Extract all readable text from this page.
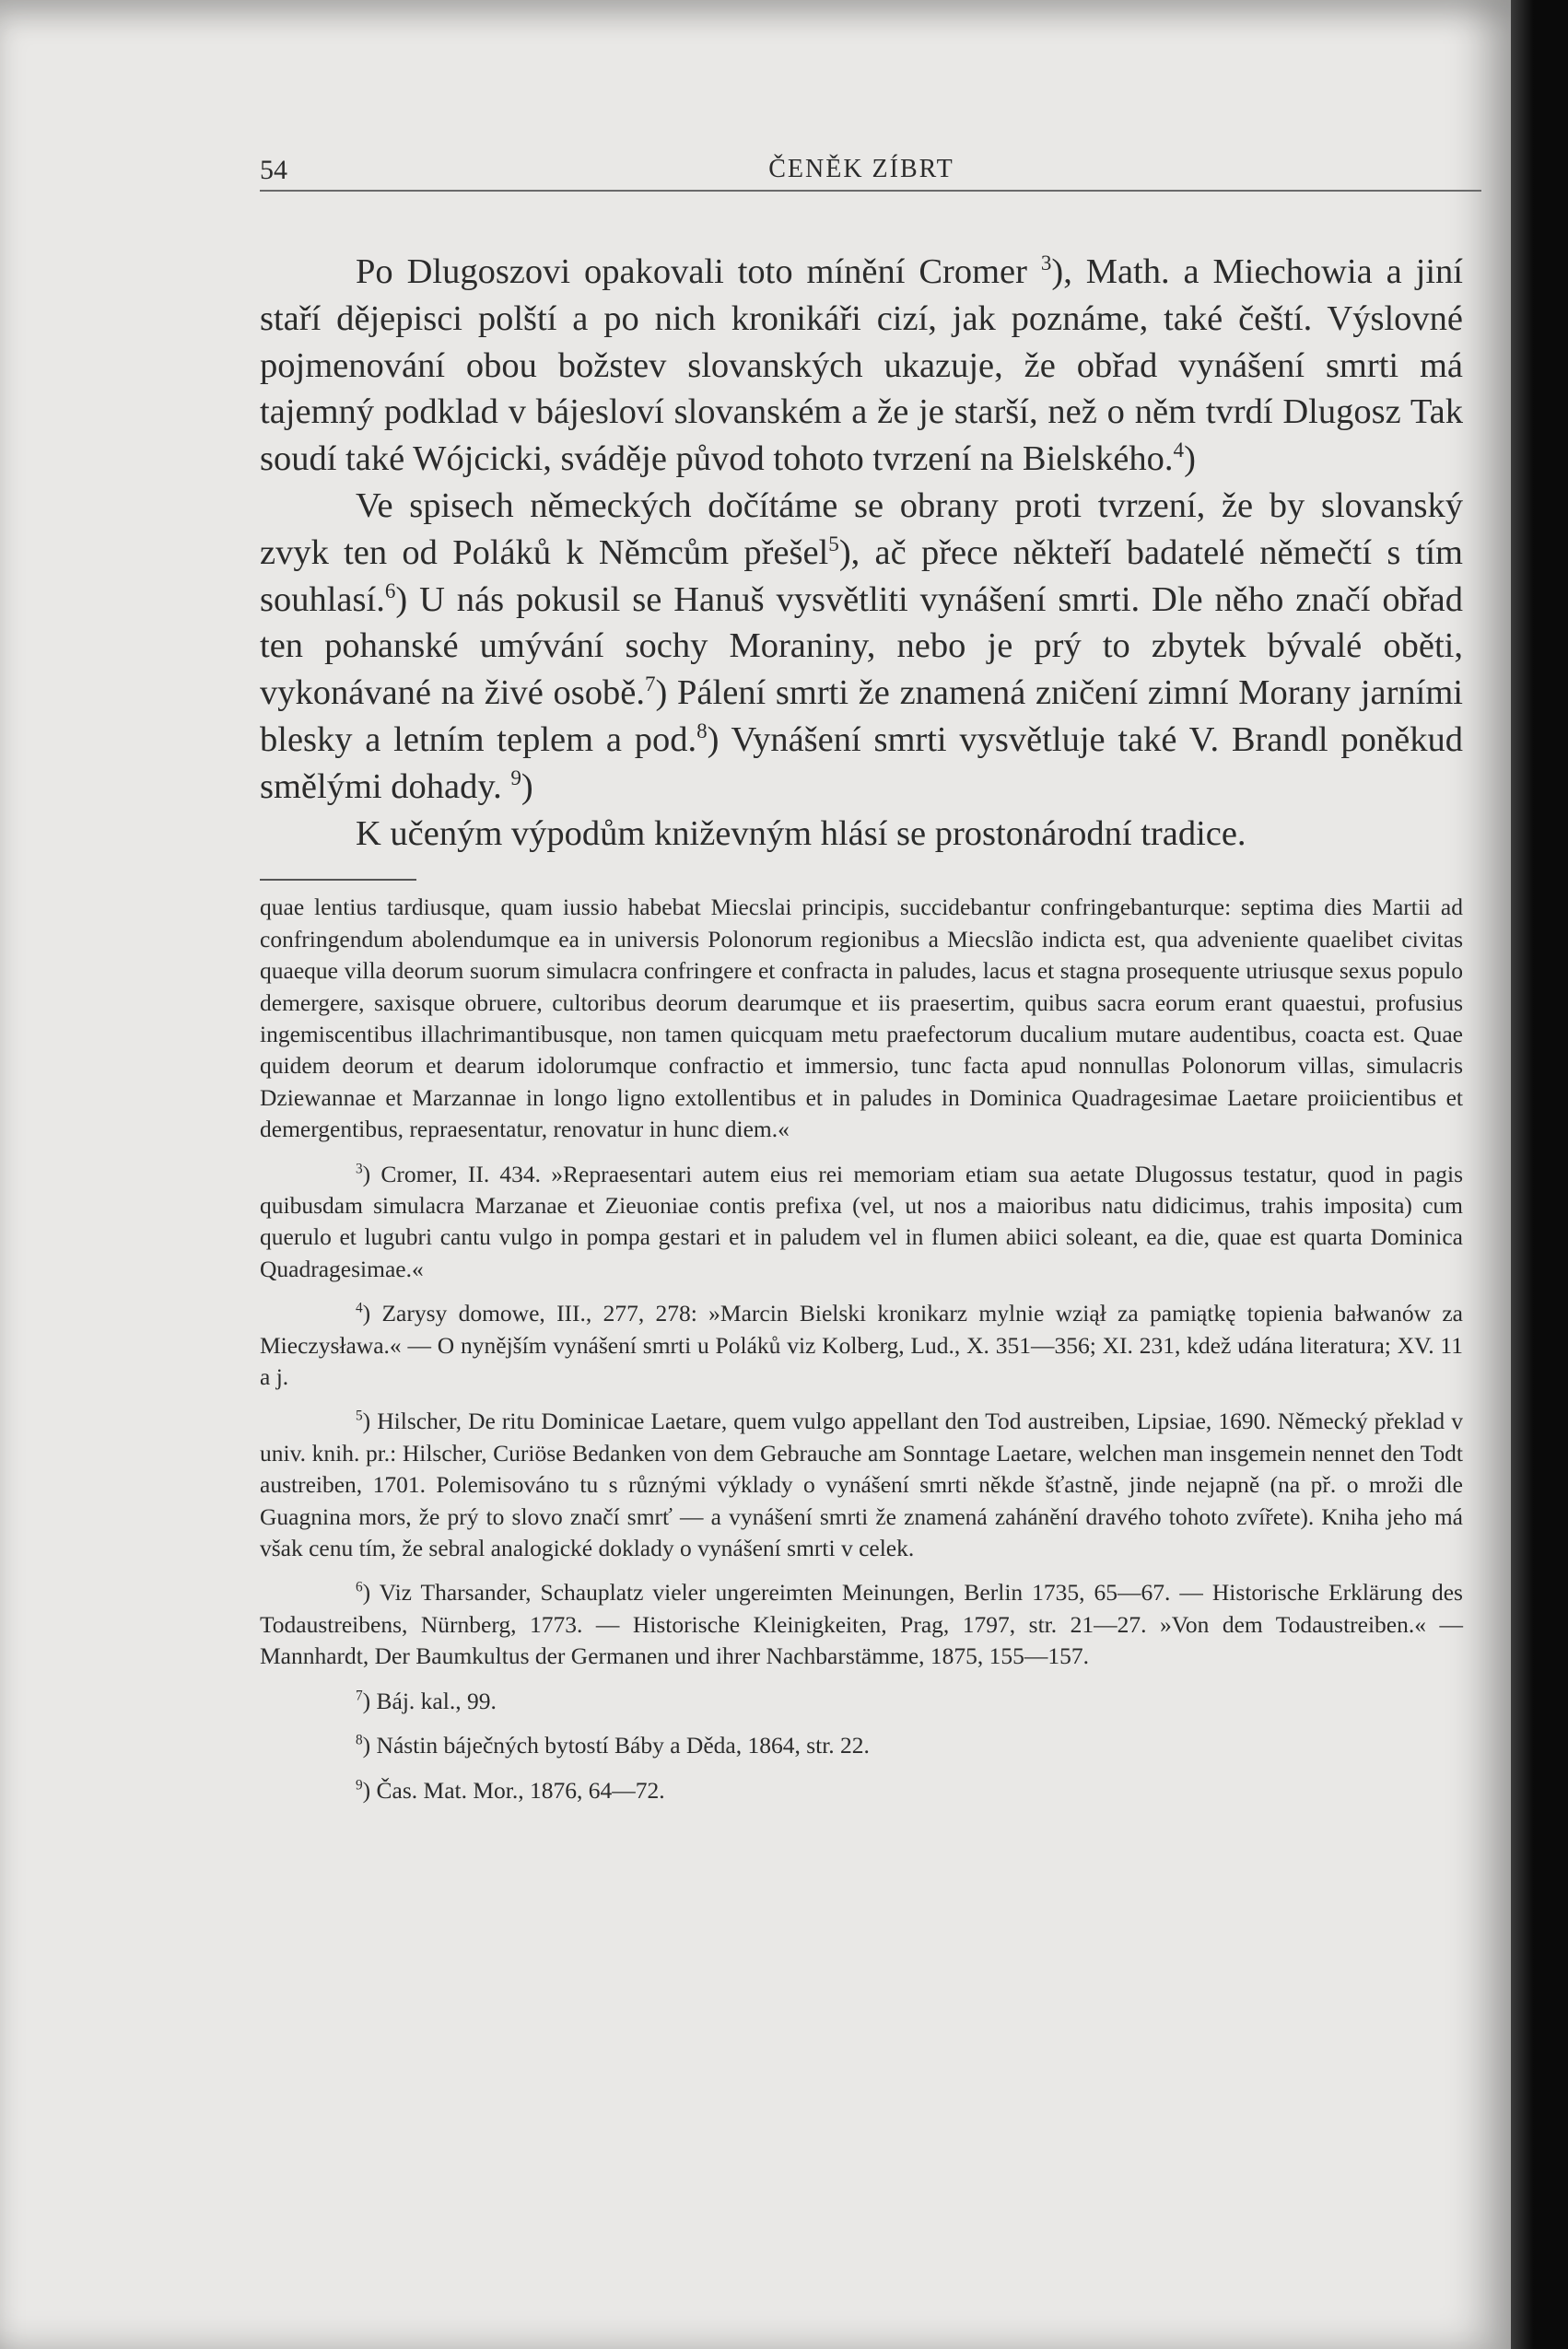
54	ČENĚK ZÍBRT

Po Dlugoszovi opakovali toto mínění Cromer $^3$), Math. a Miechowia a jiní staří dějepisci polští a po nich kronikáři cizí, jak poznáme, také čeští. Výslovné pojmenování obou božstev slovanských ukazuje, že obřad vynášení smrti má tajemný podklad v bájesloví slovanském a že je starší, než o něm tvrdí Dlugosz Tak soudí také Wójcicki, sváděje původ tohoto tvrzení na Bielského.$^4$)

Ve spisech německých dočítáme se obrany proti tvrzení, že by slovanský zvyk ten od Poláků k Němcům přešel$^5$), ač přece někteří badatelé němečtí s tím souhlasí.$^6$) U nás pokusil se Hanuš vysvětliti vynášení smrti. Dle něho značí obřad ten pohanské umývání sochy Moraniny, nebo je prý to zbytek bývalé oběti, vykonávané na živé osobě.$^7$) Pálení smrti že znamená zničení zimní Morany jarními blesky a letním teplem a pod.$^8$) Vynášení smrti vysvětluje také V. Brandl poněkud smělými dohady. $^9$)

K učeným výpodům kniževným hlásí se prostonárodní tradice.

quae lentius tardiusque, quam iussio habebat Miecslai principis, succidebantur confringebanturque: septima dies Martii ad confringendum abolendumque ea in universis Polonorum regionibus a Miecslão indicta est, qua adveniente quaelibet civitas quaeque villa deorum suorum simulacra confringere et confracta in paludes, lacus et stagna prosequente utriusque sexus populo demergere, saxisque obruere, cultoribus deorum dearumque et iis praesertim, quibus sacra eorum erant quaestui, profusius ingemiscentibus illachrimantibusque, non tamen quicquam metu praefectorum ducalium mutare audentibus, coacta est. Quae quidem deorum et dearum idolorumque confractio et immersio, tunc facta apud nonnullas Polonorum villas, simulacris Dziewannae et Marzannae in longo ligno extollentibus et in paludes in Dominica Quadragesimae Laetare proiicientibus et demergentibus, repraesentatur, renovatur in hunc diem.«

$^3$) Cromer, II. 434. »Repraesentari autem eius rei memoriam etiam sua aetate Dlugossus testatur, quod in pagis quibusdam simulacra Marzanae et Zieuoniae contis prefixa (vel, ut nos a maioribus natu didicimus, trahis imposita) cum querulo et lugubri cantu vulgo in pompa gestari et in paludem vel in flumen abiici soleant, ea die, quae est quarta Dominica Quadragesimae.«

$^4$) Zarysy domowe, III., 277, 278: »Marcin Bielski kronikarz mylnie wziął za pamiątkę topienia bałwanów za Mieczysława.« — O nynějším vynášení smrti u Poláků viz Kolberg, Lud., X. 351—356; XI. 231, kdež udána literatura; XV. 11 a j.

$^5$) Hilscher, De ritu Dominicae Laetare, quem vulgo appellant den Tod austreiben, Lipsiae, 1690. Německý překlad v univ. knih. pr.: Hilscher, Curiöse Bedanken von dem Gebrauche am Sonntage Laetare, welchen man insgemein nennet den Todt austreiben, 1701. Polemisováno tu s různými výklady o vynášení smrti někde šťastně, jinde nejapně (na př. o mroži dle Guagnina mors, že prý to slovo značí smrť — a vynášení smrti že znamená zahánění dravého tohoto zvířete). Kniha jeho má však cenu tím, že sebral analogické doklady o vynášení smrti v celek.

$^6$) Viz Tharsander, Schauplatz vieler ungereimten Meinungen, Berlin 1735, 65—67. — Historische Erklärung des Todaustreibens, Nürnberg, 1773. — Historische Kleinigkeiten, Prag, 1797, str. 21—27. »Von dem Todaustreiben.« — Mannhardt, Der Baumkultus der Germanen und ihrer Nachbarstämme, 1875, 155—157.

$^7$) Báj. kal., 99.

$^8$) Nástin báječných bytostí Báby a Děda, 1864, str. 22.

$^9$) Čas. Mat. Mor., 1876, 64—72.
